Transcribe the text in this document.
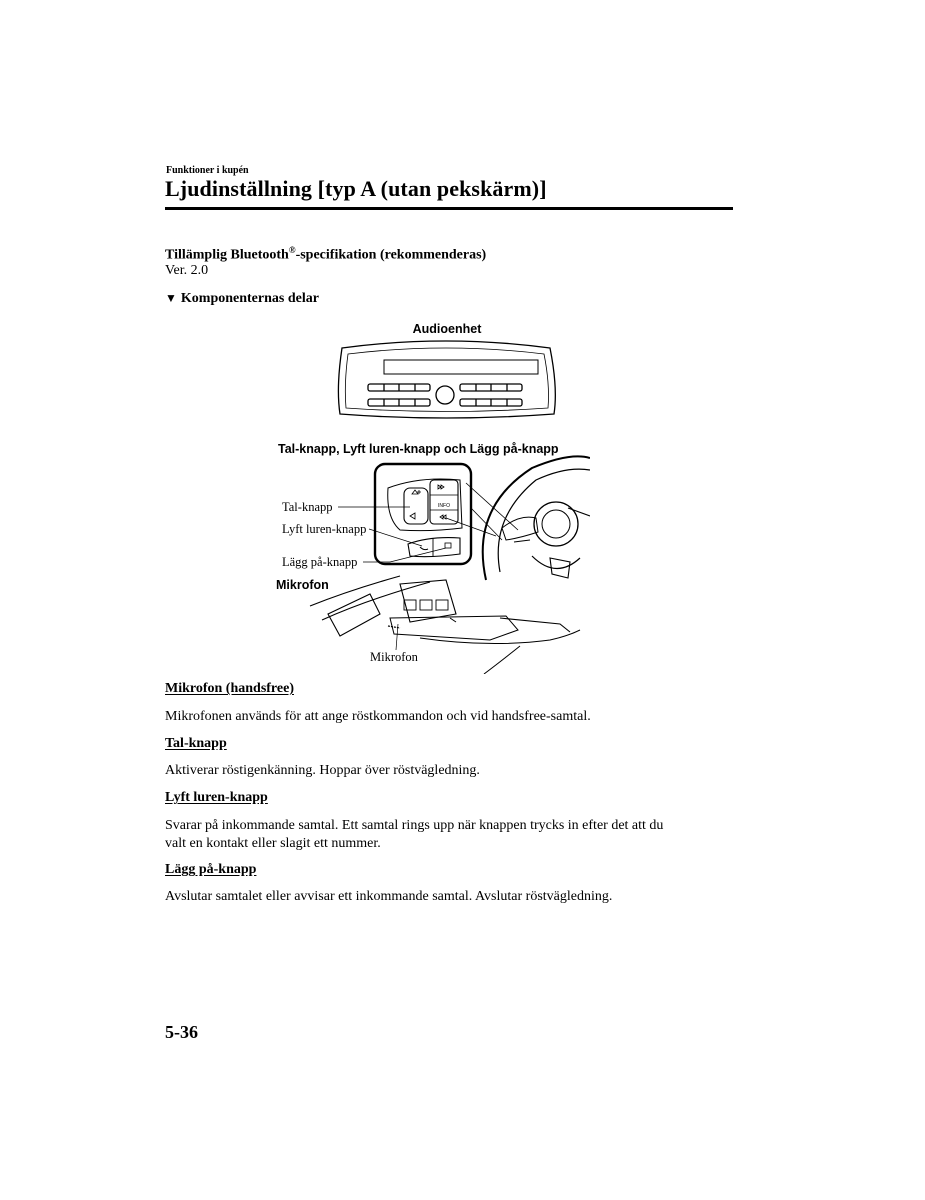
Funktioner i kupén
Ljudinställning [typ A (utan pekskärm)]
Tillämplig Bluetooth®-specifikation (rekommenderas)
Ver. 2.0
▼ Komponenternas delar
Audioenhet
Tal-knapp, Lyft luren-knapp och Lägg på-knapp
INFO
Tal-knapp
Lyft luren-knapp
Lägg på-knapp
Mikrofon
Mikrofon
Mikrofon (handsfree)
Mikrofonen används för att ange röstkommandon och vid handsfree-samtal.
Tal-knapp
Aktiverar röstigenkänning. Hoppar över röstvägledning.
Lyft luren-knapp
Svarar på inkommande samtal. Ett samtal rings upp när knappen trycks in efter det att du
valt en kontakt eller slagit ett nummer.
Lägg på-knapp
Avslutar samtalet eller avvisar ett inkommande samtal. Avslutar röstvägledning.
5-36
